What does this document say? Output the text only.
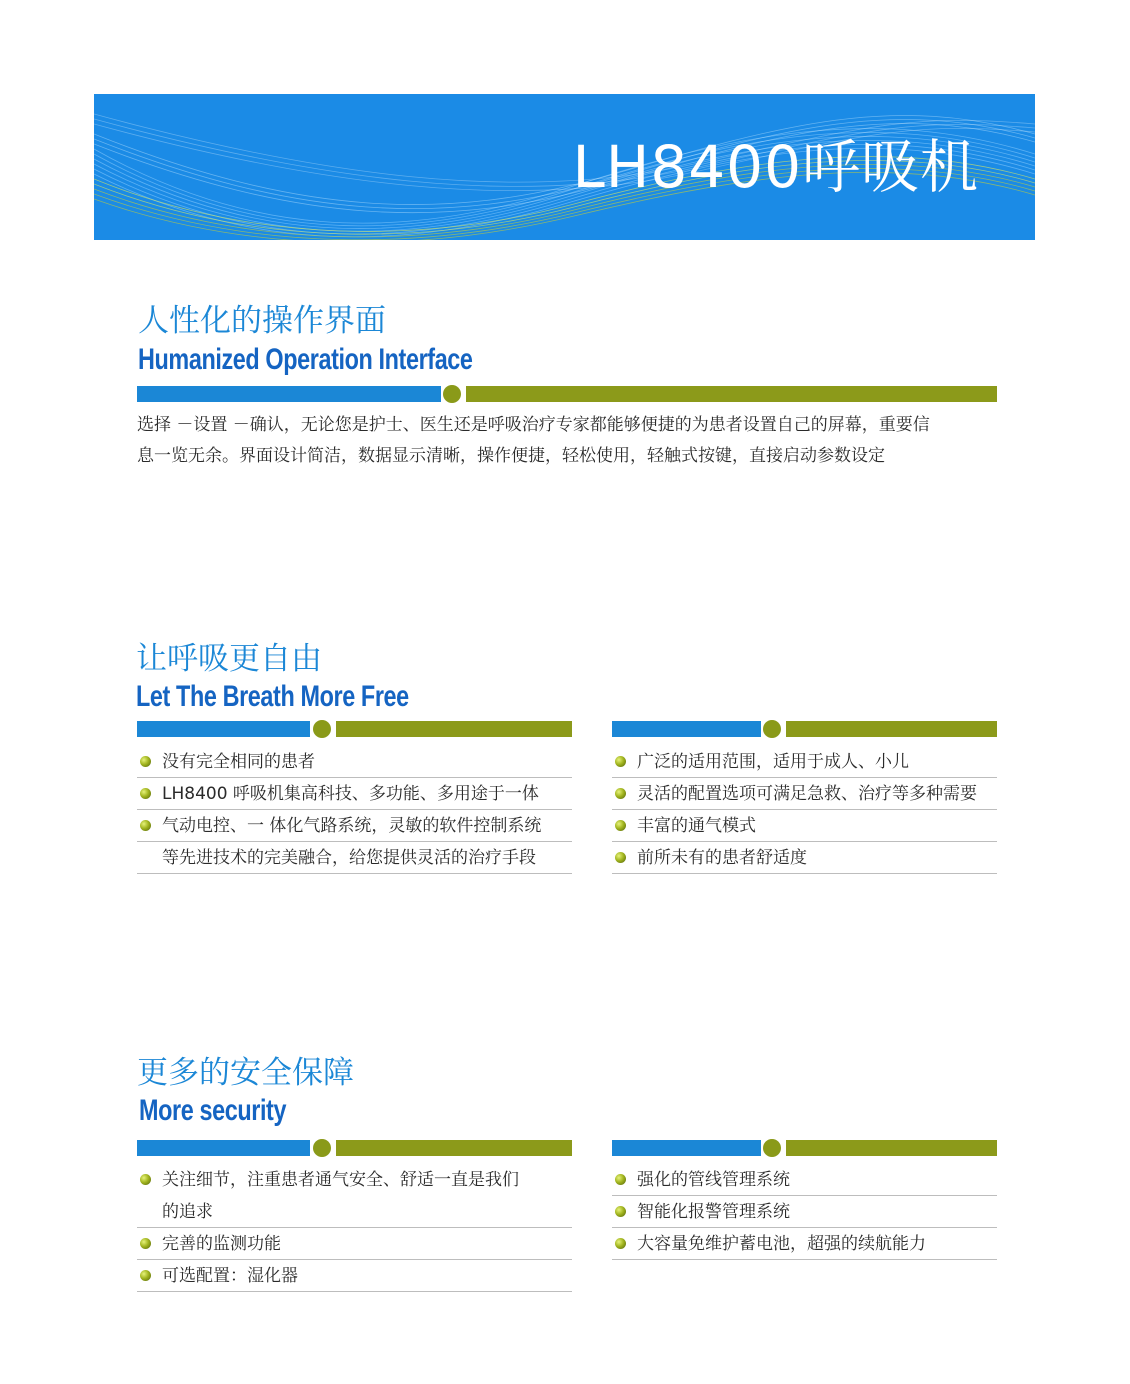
LH8400呼吸机
人性化的操作界面
Humanized Operation Interface
选择 －设置 －确认，无论您是护士、医生还是呼吸治疗专家都能够便捷的为患者设置自己的屏幕，重要信
息一览无余。界面设计简洁，数据显示清晰，操作便捷，轻松使用，轻触式按键，直接启动参数设定
让呼吸更自由
Let The Breath More Free
没有完全相同的患者
LH8400 呼吸机集高科技、多功能、多用途于一体
气动电控、一 体化气路系统，灵敏的软件控制系统
等先进技术的完美融合，给您提供灵活的治疗手段
广泛的适用范围，适用于成人、小儿
灵活的配置选项可满足急救、治疗等多种需要
丰富的通气模式
前所未有的患者舒适度
更多的安全保障
More security
关注细节，注重患者通气安全、舒适一直是我们
的追求
完善的监测功能
可选配置：湿化器
强化的管线管理系统
智能化报警管理系统
大容量免维护蓄电池，超强的续航能力
